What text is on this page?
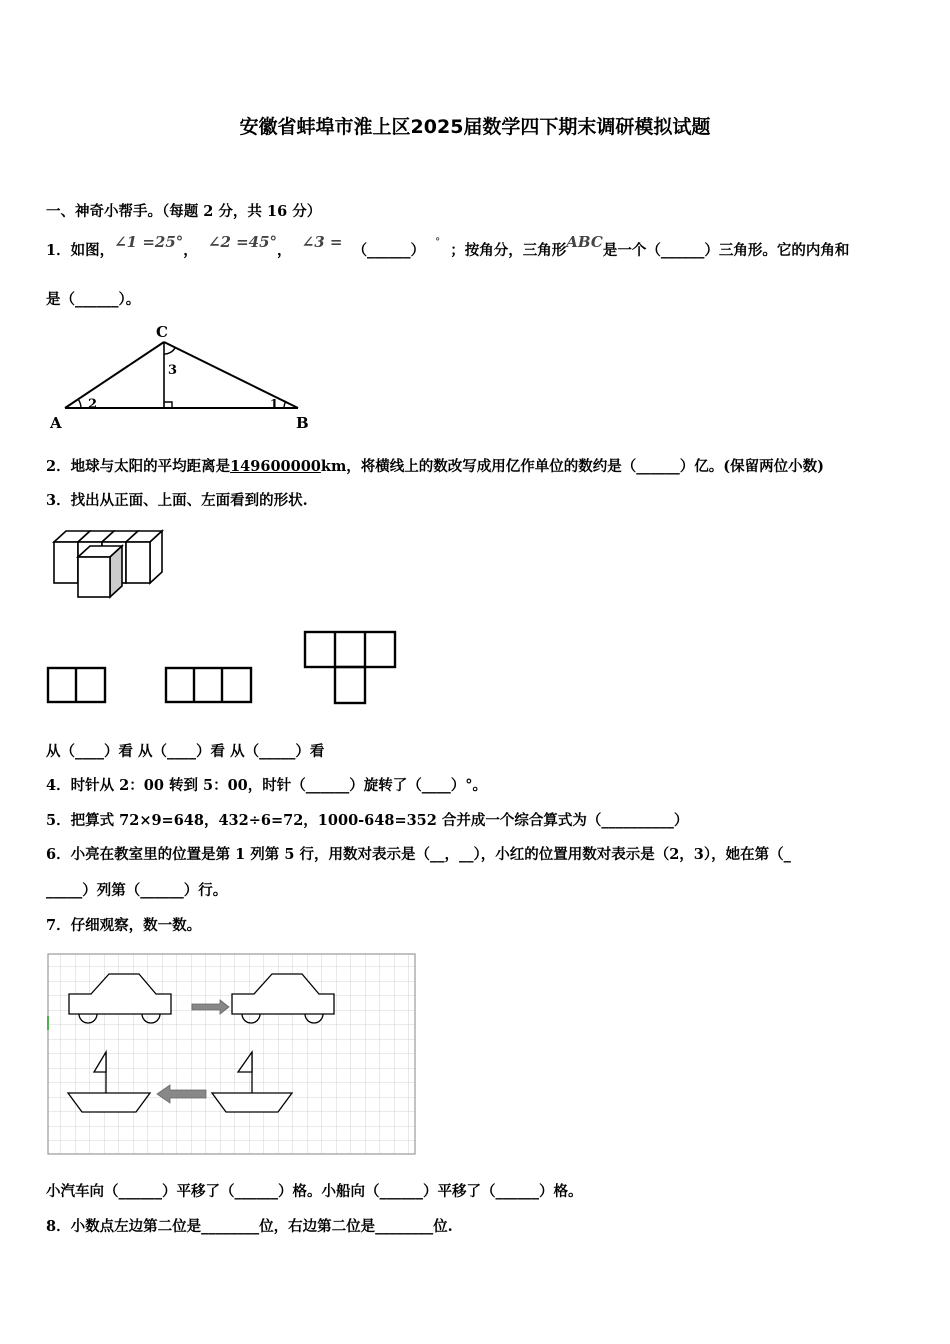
安徽省蚌埠市淮上区2025届数学四下期末调研模拟试题
一、神奇小帮手。（每题 2 分，共 16 分）
1．如图，∠1 =25°， ∠2 =45°， ∠3 = （______） ° ；按角分，三角形ABC是一个（______）三角形。它的内角和
是（______）。
C
A	B
3
2	1
2．地球与太阳的平均距离是149600000km，将横线上的数改写成用亿作单位的数约是（______）亿。(保留两位小数)
3．找出从正面、上面、左面看到的形状.
从（____）看 从（____）看 从（_____）看
4．时针从 2：00 转到 5：00，时针（______）旋转了（____）°。
5．把算式 72×9=648，432÷6=72，1000-648=352 合并成一个综合算式为（__________）
6．小亮在教室里的位置是第 1 列第 5 行，用数对表示是（__，__），小红的位置用数对表示是（2，3），她在第（_
_____）列第（______）行。
7．仔细观察，数一数。
小汽车向（______）平移了（______）格。小船向（______）平移了（______）格。
8．小数点左边第二位是________位，右边第二位是________位.
